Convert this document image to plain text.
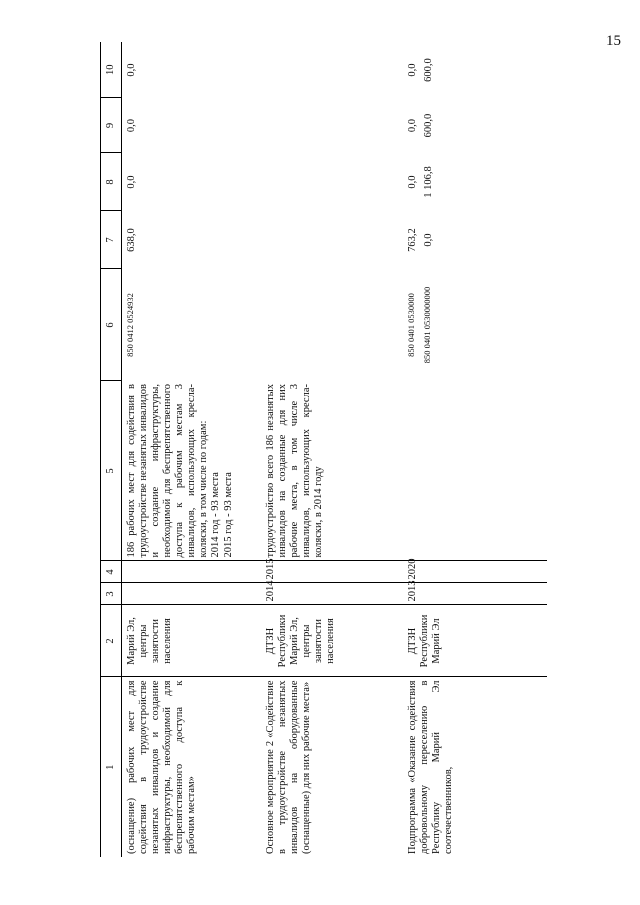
15
1	2	3	4	5	6	7	8	9	10
(оснащение) рабочих мест для содействия в трудоустройстве незанятых инвалидов и создание инфраструктуры, необходимой для беспрепятственного доступа к рабочим местам»	Марий Эл, центры занятости населения			186 рабочих мест для содействия в трудоустройстве незанятых инвалидов и создание инфраструктуры, необходимой для беспрепятственного доступа к рабочим местам 3 инвалидов, использующих кресла-коляски, в том числе по годам: 2014 год - 93 места 2015 год - 93 места	850 0412 0524932	638,0	0,0	0,0	0,0

Основное мероприятие 2 «Содействие в трудоустройстве незанятых инвалидов на оборудованные (оснащенные) для них рабочие места»	ДТЗН Республики Марий Эл, центры занятости населения	2014	2015	трудоустройство всего 186 незанятых инвалидов на созданные для них рабочие места, в том числе 3 инвалидов, использующих кресла-коляски, в 2014 году					

Подпрограмма «Оказание содействия добровольному переселению в Республику Марий Эл соотечественников,	ДТЗН Республики Марий Эл	2013	2020		850 0401 0530000 850 0401 0530000000	763,2 0,0	0,0 1 106,8	0,0 600,0	0,0 600,0
